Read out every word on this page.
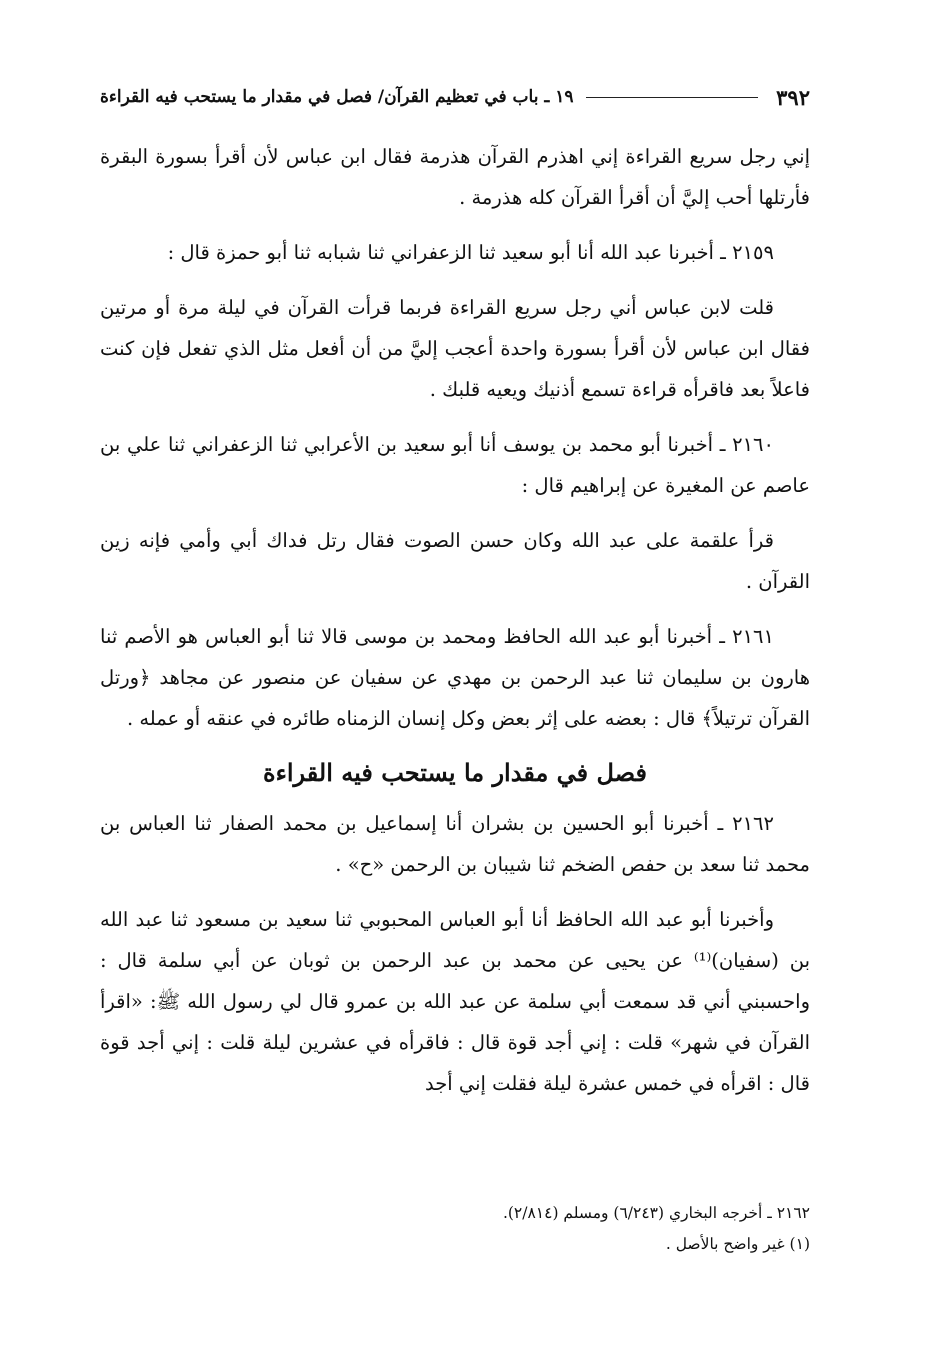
٣٩٢
١٩ ـ باب في تعظيم القرآن/ فصل في مقدار ما يستحب فيه القراءة

إني رجل سريع القراءة إني اهذرم القرآن هذرمة فقال ابن عباس لأن أقرأ بسورة البقرة فأرتلها أحب إليَّ أن أقرأ القرآن كله هذرمة .

٢١٥٩ ـ أخبرنا عبد الله أنا أبو سعيد ثنا الزعفراني ثنا شبابه ثنا أبو حمزة قال :

قلت لابن عباس أني رجل سريع القراءة فربما قرأت القرآن في ليلة مرة أو مرتين فقال ابن عباس لأن أقرأ بسورة واحدة أعجب إليَّ من أن أفعل مثل الذي تفعل فإن كنت فاعلاً بعد فاقرأه قراءة تسمع أذنيك ويعيه قلبك .

٢١٦٠ ـ أخبرنا أبو محمد بن يوسف أنا أبو سعيد بن الأعرابي ثنا الزعفراني ثنا علي بن عاصم عن المغيرة عن إبراهيم قال :

قرأ علقمة على عبد الله وكان حسن الصوت فقال رتل فداك أبي وأمي فإنه زين القرآن .

٢١٦١ ـ أخبرنا أبو عبد الله الحافظ ومحمد بن موسى قالا ثنا أبو العباس هو الأصم ثنا هارون بن سليمان ثنا عبد الرحمن بن مهدي عن سفيان عن منصور عن مجاهد ﴿ورتل القرآن ترتيلاً﴾ قال : بعضه على إثر بعض وكل إنسان الزمناه طائره في عنقه أو عمله .

فصل في مقدار ما يستحب فيه القراءة

٢١٦٢ ـ أخبرنا أبو الحسين بن بشران أنا إسماعيل بن محمد الصفار ثنا العباس بن محمد ثنا سعد بن حفص الضخم ثنا شيبان بن الرحمن «ح» .

وأخبرنا أبو عبد الله الحافظ أنا أبو العباس المحبوبي ثنا سعيد بن مسعود ثنا عبد الله بن (سفيان)⁽¹⁾ عن يحيى عن محمد بن عبد الرحمن بن ثوبان عن أبي سلمة قال : واحسبني أني قد سمعت أبي سلمة عن عبد الله بن عمرو قال لي رسول الله ﷺ: «اقرأ القرآن في شهر» قلت : إني أجد قوة قال : فاقرأه في عشرين ليلة قلت : إني أجد قوة قال : اقرأه في خمس عشرة ليلة فقلت إني أجد

٢١٦٢ ـ أخرجه البخاري (٦/٢٤٣) ومسلم (٢/٨١٤).

(١) غير واضح بالأصل .
